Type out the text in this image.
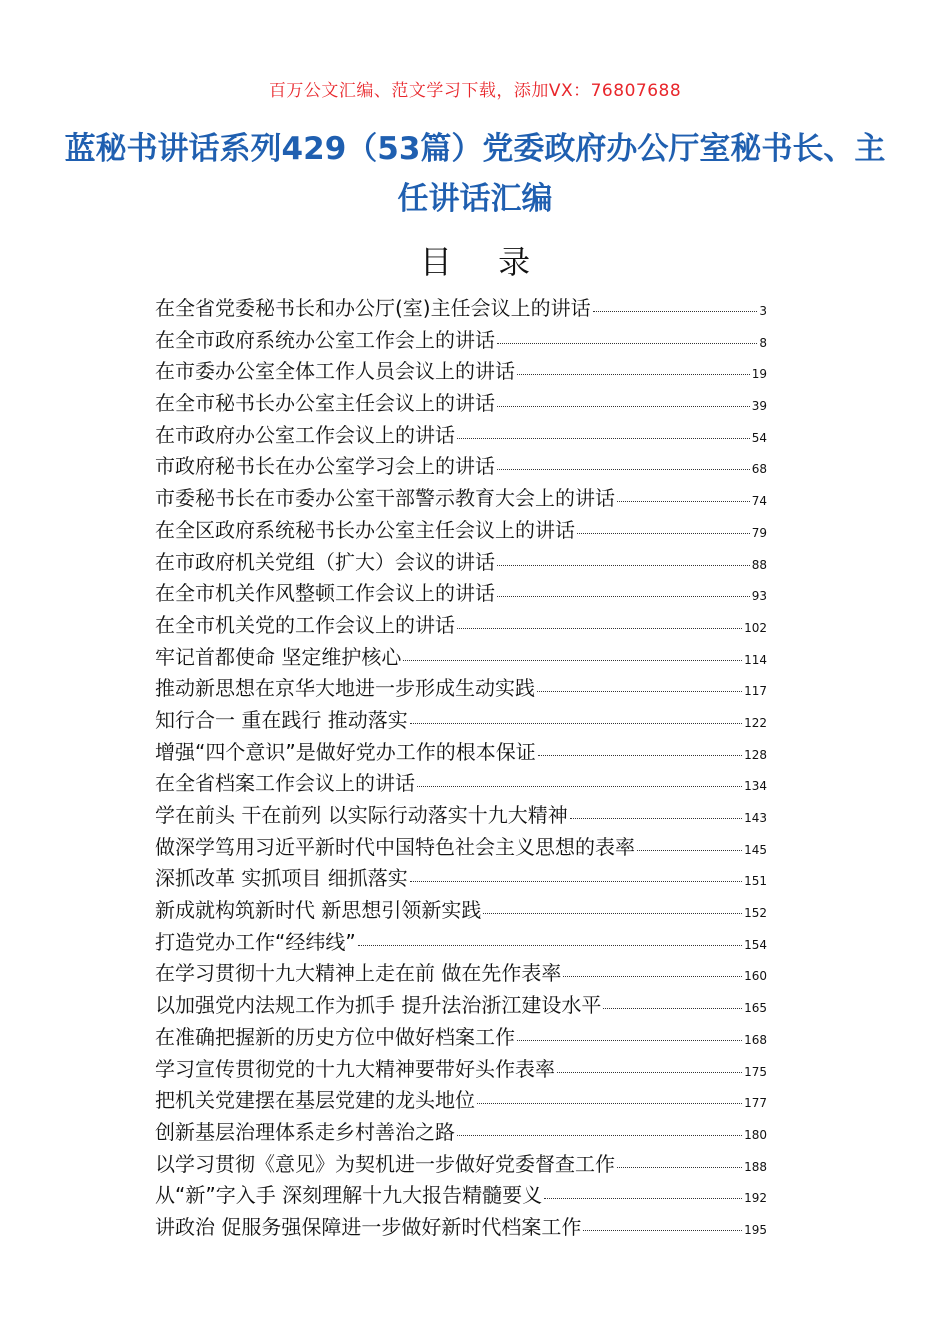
百万公文汇编、范文学习下载，添加VX：76807688
蓝秘书讲话系列429（53篇）党委政府办公厅室秘书长、主任讲话汇编
目 录
在全省党委秘书长和办公厅(室)主任会议上的讲话	3
在全市政府系统办公室工作会上的讲话	8
在市委办公室全体工作人员会议上的讲话	19
在全市秘书长办公室主任会议上的讲话	39
在市政府办公室工作会议上的讲话	54
市政府秘书长在办公室学习会上的讲话	68
市委秘书长在市委办公室干部警示教育大会上的讲话	74
在全区政府系统秘书长办公室主任会议上的讲话	79
在市政府机关党组（扩大）会议的讲话	88
在全市机关作风整顿工作会议上的讲话	93
在全市机关党的工作会议上的讲话	102
牢记首都使命 坚定维护核心	114
推动新思想在京华大地进一步形成生动实践	117
知行合一 重在践行 推动落实	122
增强“四个意识”是做好党办工作的根本保证	128
在全省档案工作会议上的讲话	134
学在前头 干在前列 以实际行动落实十九大精神	143
做深学笃用习近平新时代中国特色社会主义思想的表率	145
深抓改革 实抓项目 细抓落实	151
新成就构筑新时代 新思想引领新实践	152
打造党办工作“经纬线”	154
在学习贯彻十九大精神上走在前 做在先作表率	160
以加强党内法规工作为抓手 提升法治浙江建设水平	165
在准确把握新的历史方位中做好档案工作	168
学习宣传贯彻党的十九大精神要带好头作表率	175
把机关党建摆在基层党建的龙头地位	177
创新基层治理体系走乡村善治之路	180
以学习贯彻《意见》为契机进一步做好党委督查工作	188
从“新”字入手 深刻理解十九大报告精髓要义	192
讲政治 促服务强保障进一步做好新时代档案工作	195
